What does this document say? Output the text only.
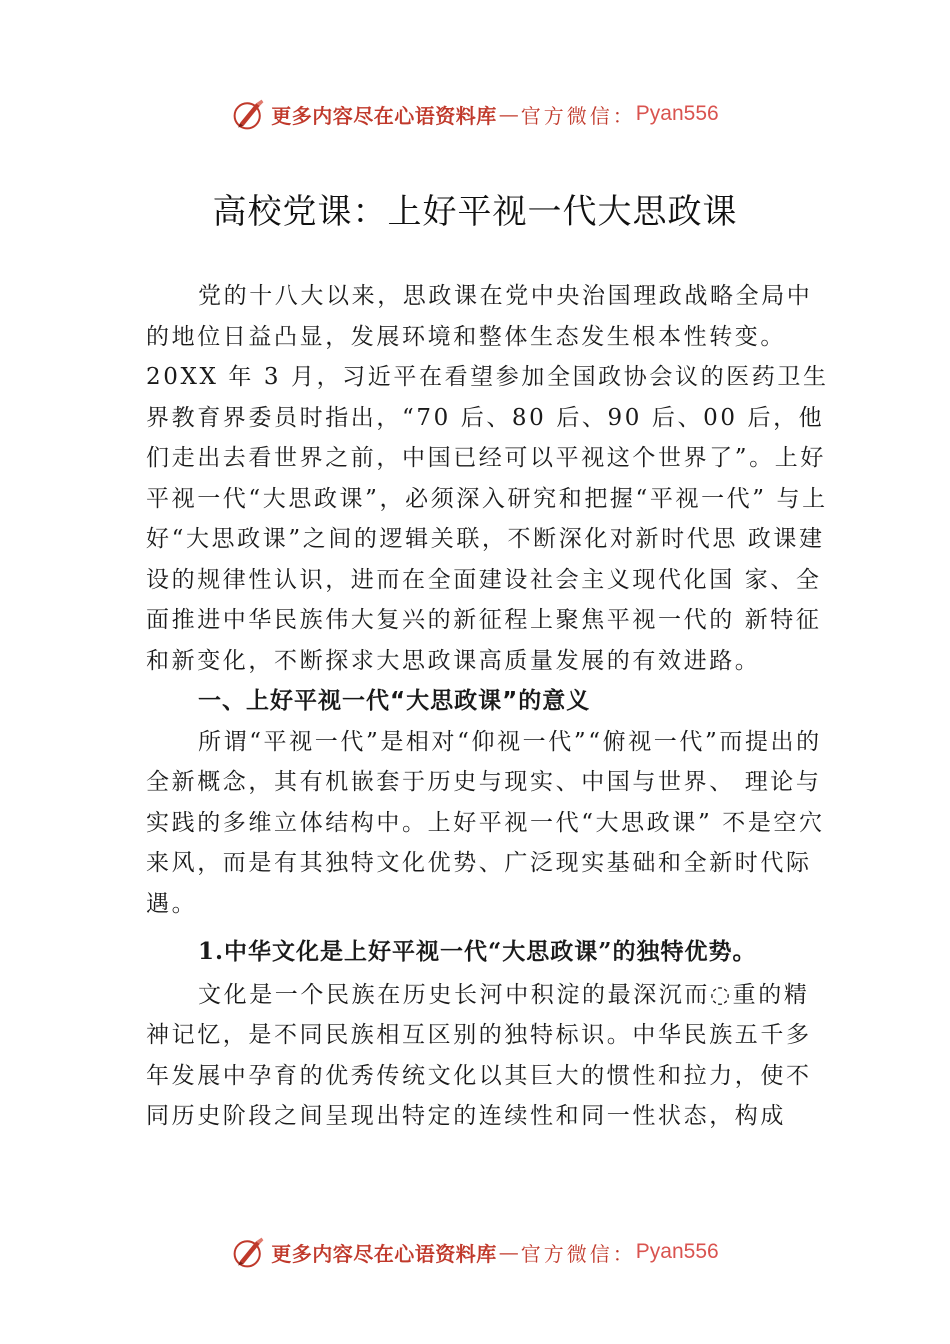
更多内容尽在心语资料库 — 官方微信： Pyan556
高校党课：上好平视一代大思政课

党的十八大以来，思政课在党中央治国理政战略全局中的地位日益凸显，发展环境和整体生态发生根本性转变。20XX 年 3 月，习近平在看望参加全国政协会议的医药卫生界教育界委员时指出，“70 后、80 后、90 后、00 后，他们走出去看世界之前，中国已经可以平视这个世界了”。上好平视一代“大思政课”，必须深入研究和把握“平视一代” 与上好“大思政课”之间的逻辑关联，不断深化对新时代思 政课建设的规律性认识，进而在全面建设社会主义现代化国 家、全面推进中华民族伟大复兴的新征程上聚焦平视一代的 新特征和新变化，不断探求大思政课高质量发展的有效进路。

一、上好平视一代“大思政课”的意义

所谓“平视一代”是相对“仰视一代”“俯视一代”而提出的全新概念，其有机嵌套于历史与现实、中国与世界、 理论与实践的多维立体结构中。上好平视一代“大思政课” 不是空穴来风，而是有其独特文化优势、广泛现实基础和全新时代际遇。

1.中华文化是上好平视一代“大思政课”的独特优势。

文化是一个民族在历史长河中积淀的最深沉而◌重的精神记忆，是不同民族相互区别的独特标识。中华民族五千多年发展中孕育的优秀传统文化以其巨大的惯性和拉力，使不同历史阶段之间呈现出特定的连续性和同一性状态，构成

更多内容尽在心语资料库 — 官方微信： Pyan556
